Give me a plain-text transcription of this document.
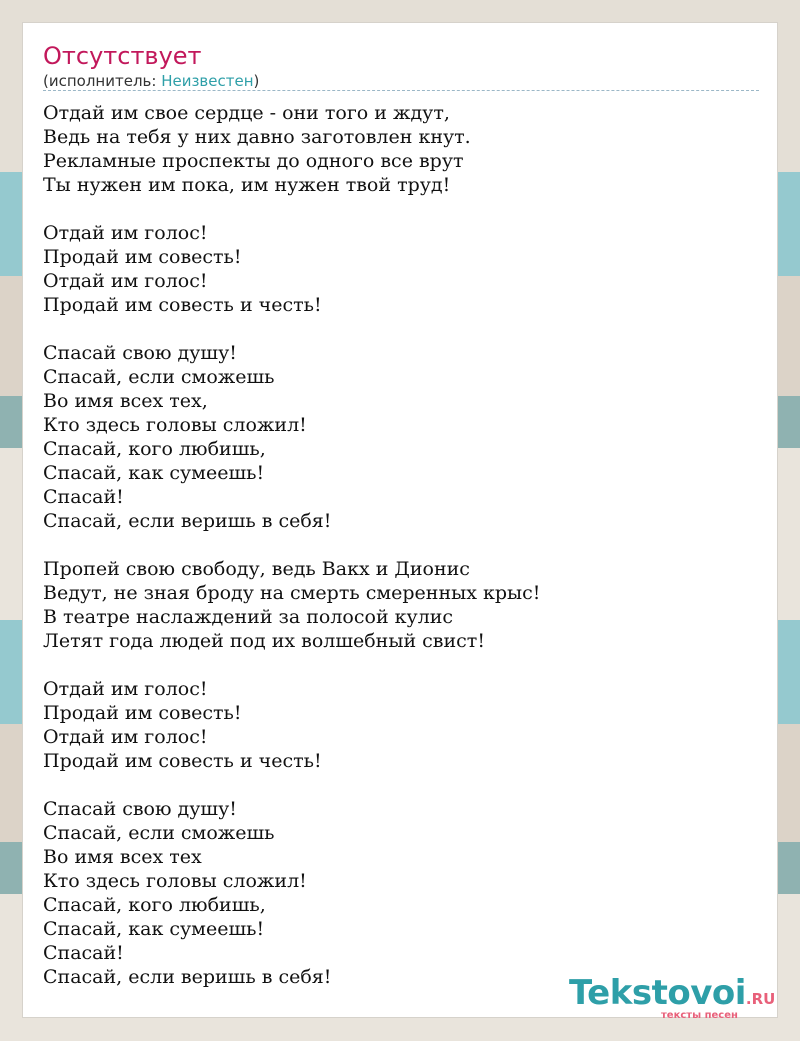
Отсутствует
(исполнитель: Неизвестен)
Отдай им свое сердце - они того и ждут,
Ведь на тебя у них давно заготовлен кнут.
Рекламные проспекты до одного все врут
Ты нужен им пока, им нужен твой труд!

Отдай им голос!
Продай им совесть!
Отдай им голос!
Продай им совесть и честь!

Спасай свою душу!
Спасай, если сможешь
Во имя всех тех,
Кто здесь головы сложил!
Спасай, кого любишь,
Спасай, как сумеешь!
Спасай!
Спасай, если веришь в себя!

Пропей свою свободу, ведь Вакх и Дионис
Ведут, не зная броду на смерть смеренных крыс!
В театре наслаждений за полосой кулис
Летят года людей под их волшебный свист!

Отдай им голос!
Продай им совесть!
Отдай им голос!
Продай им совесть и честь!

Спасай свою душу!
Спасай, если сможешь
Во имя всех тех
Кто здесь головы сложил!
Спасай, кого любишь,
Спасай, как сумеешь!
Спасай!
Спасай, если веришь в себя!	Tekstovoi.RU
тексты песен
